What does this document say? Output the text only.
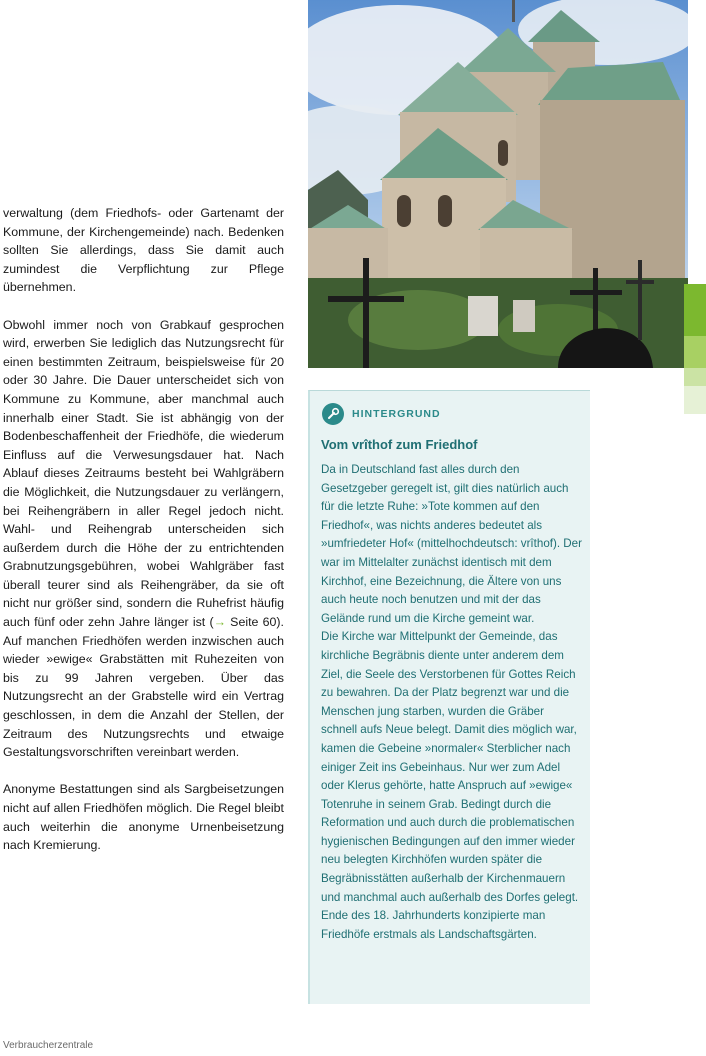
verwaltung (dem Friedhofs- oder Gartenamt der Kommune, der Kirchengemeinde) nach. Bedenken sollten Sie allerdings, dass Sie damit auch zumindest die Verpflichtung zur Pflege übernehmen.

Obwohl immer noch von Grabkauf gesprochen wird, erwerben Sie lediglich das Nutzungsrecht für einen bestimmten Zeitraum, beispielsweise für 20 oder 30 Jahre. Die Dauer unterscheidet sich von Kommune zu Kommune, aber manchmal auch innerhalb einer Stadt. Sie ist abhängig von der Bodenbeschaffenheit der Friedhöfe, die wiederum Einfluss auf die Verwesungsdauer hat. Nach Ablauf dieses Zeitraums besteht bei Wahlgräbern die Möglichkeit, die Nutzungsdauer zu verlängern, bei Reihengräbern in aller Regel jedoch nicht. Wahl- und Reihengrab unterscheiden sich außerdem durch die Höhe der zu entrichtenden Grabnutzungsgebühren, wobei Wahlgräber fast überall teurer sind als Reihengräber, da sie oft nicht nur größer sind, sondern die Ruhefrist häufig auch fünf oder zehn Jahre länger ist (→ Seite 60). Auf manchen Friedhöfen werden inzwischen auch wieder »ewige« Grabstätten mit Ruhezeiten von bis zu 99 Jahren vergeben. Über das Nutzungsrecht an der Grabstelle wird ein Vertrag geschlossen, in dem die Anzahl der Stellen, der Zeitraum des Nutzungsrechts und etwaige Gestaltungsvorschriften vereinbart werden.

Anonyme Bestattungen sind als Sargbeisetzungen nicht auf allen Friedhöfen möglich. Die Regel bleibt auch weiterhin die anonyme Urnenbeisetzung nach Kremierung.

HINTERGRUND
Vom vrîthof zum Friedhof

Da in Deutschland fast alles durch den Gesetzgeber geregelt ist, gilt dies natürlich auch für die letzte Ruhe: »Tote kommen auf den Friedhof«, was nichts anderes bedeutet als »umfriedeter Hof« (mittelhochdeutsch: vrîthof). Der war im Mittelalter zunächst identisch mit dem Kirchhof, eine Bezeichnung, die Ältere von uns auch heute noch benutzen und mit der das Gelände rund um die Kirche gemeint war.

Die Kirche war Mittelpunkt der Gemeinde, das kirchliche Begräbnis diente unter anderem dem Ziel, die Seele des Verstorbenen für Gottes Reich zu bewahren. Da der Platz begrenzt war und die Menschen jung starben, wurden die Gräber schnell aufs Neue belegt. Damit dies möglich war, kamen die Gebeine »normaler« Sterblicher nach einiger Zeit ins Gebeinhaus. Nur wer zum Adel oder Klerus gehörte, hatte Anspruch auf »ewige« Totenruhe in seinem Grab. Bedingt durch die Reformation und auch durch die problematischen hygienischen Bedingungen auf den immer wieder neu belegten Kirchhöfen wurden später die Begräbnisstätten außerhalb der Kirchenmauern und manchmal auch außerhalb des Dorfes gelegt. Ende des 18. Jahrhunderts konzipierte man Friedhöfe erstmals als Landschaftsgärten.

Verbraucherzentrale
